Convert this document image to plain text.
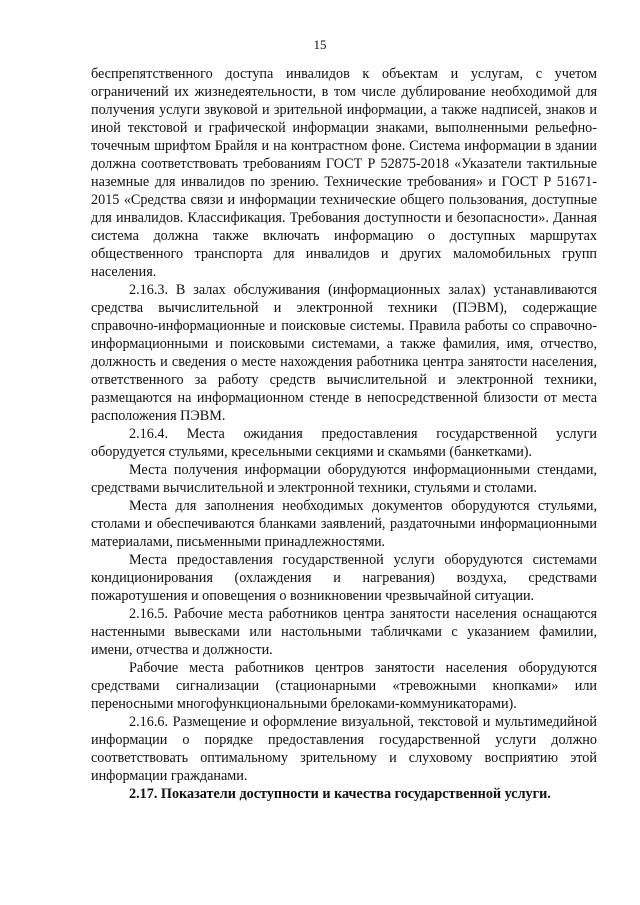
15

беспрепятственного доступа инвалидов к объектам и услугам, с учетом ограничений их жизнедеятельности, в том числе дублирование необходимой для получения услуги звуковой и зрительной информации, а также надписей, знаков и иной текстовой и графической информации знаками, выполненными рельефно-точечным шрифтом Брайля и на контрастном фоне. Система информации в здании должна соответствовать требованиям ГОСТ Р 52875-2018 «Указатели тактильные наземные для инвалидов по зрению. Технические требования» и ГОСТ Р 51671-2015 «Средства связи и информации технические общего пользования, доступные для инвалидов. Классификация. Требования доступности и безопасности». Данная система должна также включать информацию о доступных маршрутах общественного транспорта для инвалидов и других маломобильных групп населения.

2.16.3. В залах обслуживания (информационных залах) устанавливаются средства вычислительной и электронной техники (ПЭВМ), содержащие справочно-информационные и поисковые системы. Правила работы со справочно-информационными и поисковыми системами, а также фамилия, имя, отчество, должность и сведения о месте нахождения работника центра занятости населения, ответственного за работу средств вычислительной и электронной техники, размещаются на информационном стенде в непосредственной близости от места расположения ПЭВМ.

2.16.4. Места ожидания предоставления государственной услуги оборудуется стульями, кресельными секциями и скамьями (банкетками).

Места получения информации оборудуются информационными стендами, средствами вычислительной и электронной техники, стульями и столами.

Места для заполнения необходимых документов оборудуются стульями, столами и обеспечиваются бланками заявлений, раздаточными информационными материалами, письменными принадлежностями.

Места предоставления государственной услуги оборудуются системами кондиционирования (охлаждения и нагревания) воздуха, средствами пожаротушения и оповещения о возникновении чрезвычайной ситуации.

2.16.5. Рабочие места работников центра занятости населения оснащаются настенными вывесками или настольными табличками с указанием фамилии, имени, отчества и должности.

Рабочие места работников центров занятости населения оборудуются средствами сигнализации (стационарными «тревожными кнопками» или переносными многофункциональными брелоками-коммуникаторами).

2.16.6. Размещение и оформление визуальной, текстовой и мультимедийной информации о порядке предоставления государственной услуги должно соответствовать оптимальному зрительному и слуховому восприятию этой информации гражданами.

2.17. Показатели доступности и качества государственной услуги.
